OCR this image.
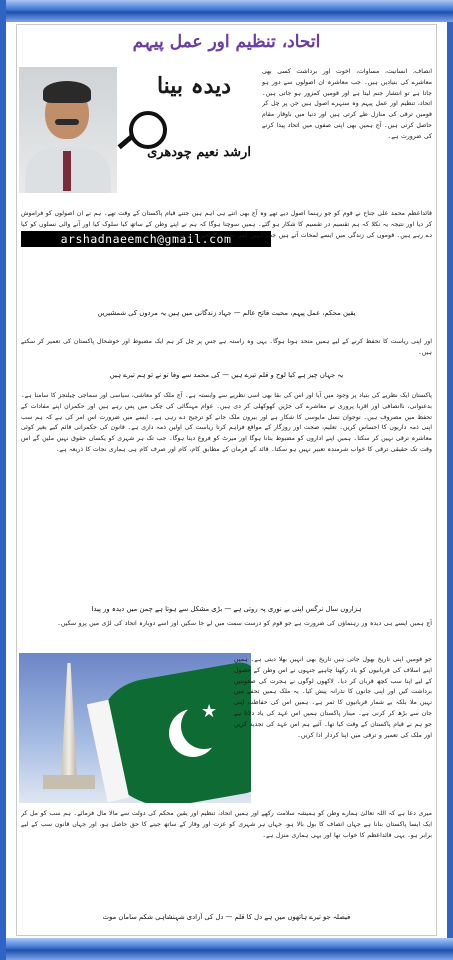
اتحاد، تنظیم اور عمل پیہم
دیدہ بینا
ارشد نعیم چودھری
arshadnaeemch@gmail.com
انصاف، انسانیت، مساوات، اخوت اور برداشت کسی بھی معاشرے کی بنیادیں ہیں۔ جب معاشرہ ان اصولوں سے دور ہو جاتا ہے تو انتشار جنم لیتا ہے اور قومیں کمزور ہو جاتی ہیں۔ اتحاد، تنظیم اور عمل پیہم وہ سنہرے اصول ہیں جن پر چل کر قومیں ترقی کی منازل طے کرتی ہیں اور دنیا میں باوقار مقام حاصل کرتی ہیں۔ آج ہمیں بھی اپنی صفوں میں اتحاد پیدا کرنے کی ضرورت ہے۔
قائداعظم محمد علی جناح نے قوم کو جو رہنما اصول دیے تھے وہ آج بھی اتنے ہی اہم ہیں جتنے قیام پاکستان کے وقت تھے۔ ہم نے ان اصولوں کو فراموش کر دیا اور نتیجہ یہ نکلا کہ ہم تقسیم در تقسیم کا شکار ہو گئے۔ ہمیں سوچنا ہوگا کہ ہم نے اپنے وطن کے ساتھ کیا سلوک کیا اور آنے والی نسلوں کو کیا دے رہے ہیں۔ قوموں کی زندگی میں ایسے لمحات آتے ہیں جب انہیں اپنی سمت کا تعین کرنا پڑتا ہے۔
یقین محکم، عمل پیہم، محبت فاتح عالم — جہاد زندگانی میں ہیں یہ مردوں کی شمشیریں
اور اپنی ریاست کا تحفظ کرنے کے لیے ہمیں متحد ہونا ہوگا۔ یہی وہ راستہ ہے جس پر چل کر ہم ایک مضبوط اور خوشحال پاکستان کی تعمیر کر سکتے ہیں۔
یہ جہاں چیز ہے کیا لوح و قلم تیرے ہیں — کی محمد سے وفا تو نے تو ہم تیرے ہیں
پاکستان ایک نظریے کی بنیاد پر وجود میں آیا اور اس کی بقا بھی اسی نظریے سے وابستہ ہے۔ آج ملک کو معاشی، سیاسی اور سماجی چیلنجز کا سامنا ہے۔ بدعنوانی، ناانصافی اور اقربا پروری نے معاشرے کی جڑیں کھوکھلی کر دی ہیں۔ عوام مہنگائی کی چکی میں پس رہے ہیں اور حکمران اپنے مفادات کے تحفظ میں مصروف ہیں۔ نوجوان نسل مایوسی کا شکار ہے اور بیرون ملک جانے کو ترجیح دے رہی ہے۔ ایسے میں ضرورت اس امر کی ہے کہ ہم سب اپنی ذمہ داریوں کا احساس کریں۔ تعلیم، صحت اور روزگار کے مواقع فراہم کرنا ریاست کی اولین ذمہ داری ہے۔ قانون کی حکمرانی قائم کیے بغیر کوئی معاشرہ ترقی نہیں کر سکتا۔ ہمیں اپنے اداروں کو مضبوط بنانا ہوگا اور میرٹ کو فروغ دینا ہوگا۔ جب تک ہر شہری کو یکساں حقوق نہیں ملیں گے اس وقت تک حقیقی ترقی کا خواب شرمندہ تعبیر نہیں ہو سکتا۔ قائد کے فرمان کے مطابق کام، کام اور صرف کام ہی ہماری نجات کا ذریعہ ہے۔
ہزاروں سال نرگس اپنی بے نوری پہ روتی ہے — بڑی مشکل سے ہوتا ہے چمن میں دیدہ ور پیدا
آج ہمیں ایسے ہی دیدہ ور رہنماؤں کی ضرورت ہے جو قوم کو درست سمت میں لے جا سکیں اور اسے دوبارہ اتحاد کی لڑی میں پرو سکیں۔
★
جو قومیں اپنی تاریخ بھول جاتی ہیں تاریخ بھی انہیں بھلا دیتی ہے۔ ہمیں اپنے اسلاف کی قربانیوں کو یاد رکھنا چاہیے جنہوں نے اس وطن کے حصول کے لیے اپنا سب کچھ قربان کر دیا۔ لاکھوں لوگوں نے ہجرت کی صعوبتیں برداشت کیں اور اپنی جانوں کا نذرانہ پیش کیا۔ یہ ملک ہمیں تحفے میں نہیں ملا بلکہ بے شمار قربانیوں کا ثمر ہے۔ ہمیں اس کی حفاظت اپنی جان سے بڑھ کر کرنی ہے۔ مینار پاکستان ہمیں اس عہد کی یاد دلاتا ہے جو ہم نے قیام پاکستان کے وقت کیا تھا۔ آئیے ہم اس عہد کی تجدید کریں اور ملک کی تعمیر و ترقی میں اپنا کردار ادا کریں۔
میری دعا ہے کہ اللہ تعالیٰ ہمارے وطن کو ہمیشہ سلامت رکھے اور ہمیں اتحاد، تنظیم اور یقین محکم کی دولت سے مالا مال فرمائے۔ ہم سب کو مل کر ایک ایسا پاکستان بنانا ہے جہاں انصاف کا بول بالا ہو، جہاں ہر شہری کو عزت اور وقار کے ساتھ جینے کا حق حاصل ہو، اور جہاں قانون سب کے لیے برابر ہو۔ یہی قائداعظم کا خواب تھا اور یہی ہماری منزل ہے۔
فیصلہ جو تیرے ہاتھوں میں ہے دل کا قلم — دل کی آزادی شہنشاہی شکم سامان موت
